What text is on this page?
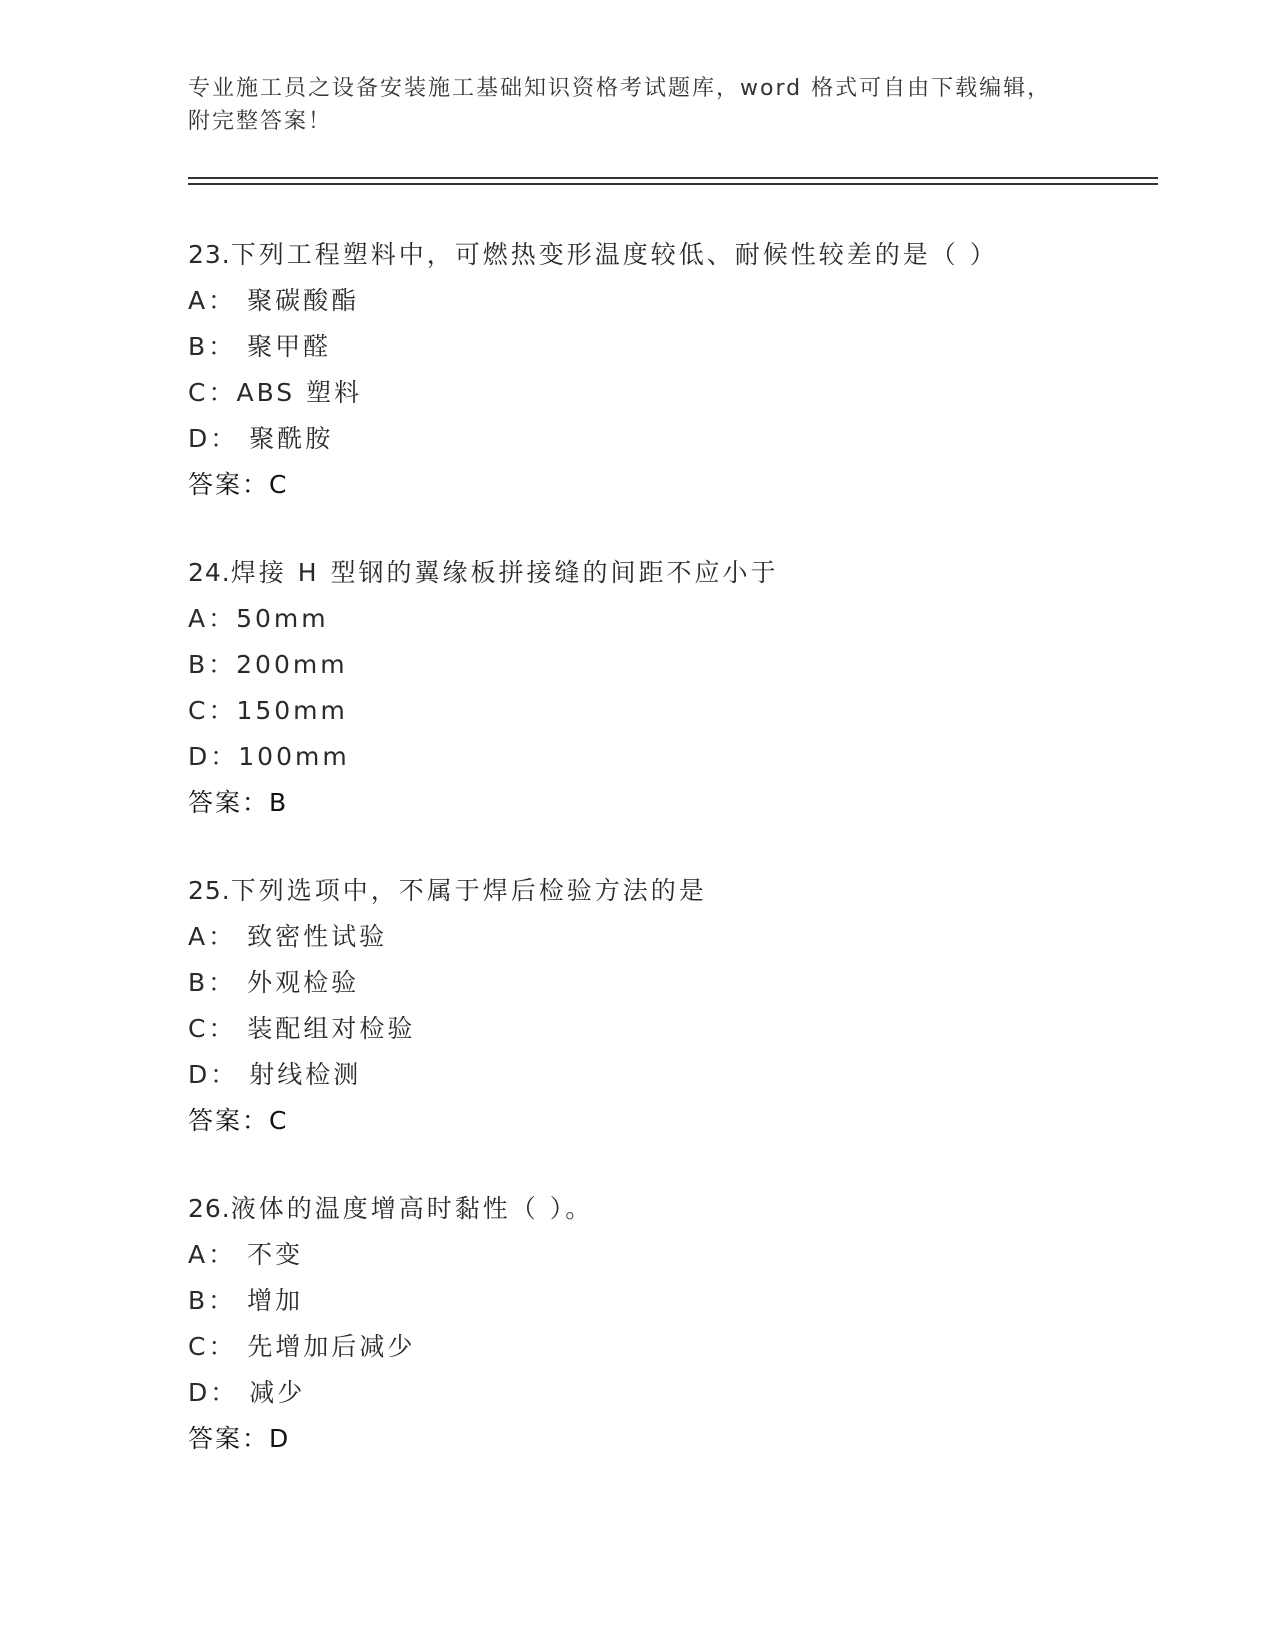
专业施工员之设备安装施工基础知识资格考试题库，word 格式可自由下载编辑，
附完整答案！
23.下列工程塑料中，可燃热变形温度较低、耐候性较差的是（ ）
A： 聚碳酸酯
B： 聚甲醛
C：ABS 塑料
D： 聚酰胺
答案：C
24.焊接 H 型钢的翼缘板拼接缝的间距不应小于
A：50mm
B：200mm
C：150mm
D：100mm
答案：B
25.下列选项中，不属于焊后检验方法的是
A： 致密性试验
B： 外观检验
C： 装配组对检验
D： 射线检测
答案：C
26.液体的温度增高时黏性（ ）。
A： 不变
B： 增加
C： 先增加后减少
D： 减少
答案：D
